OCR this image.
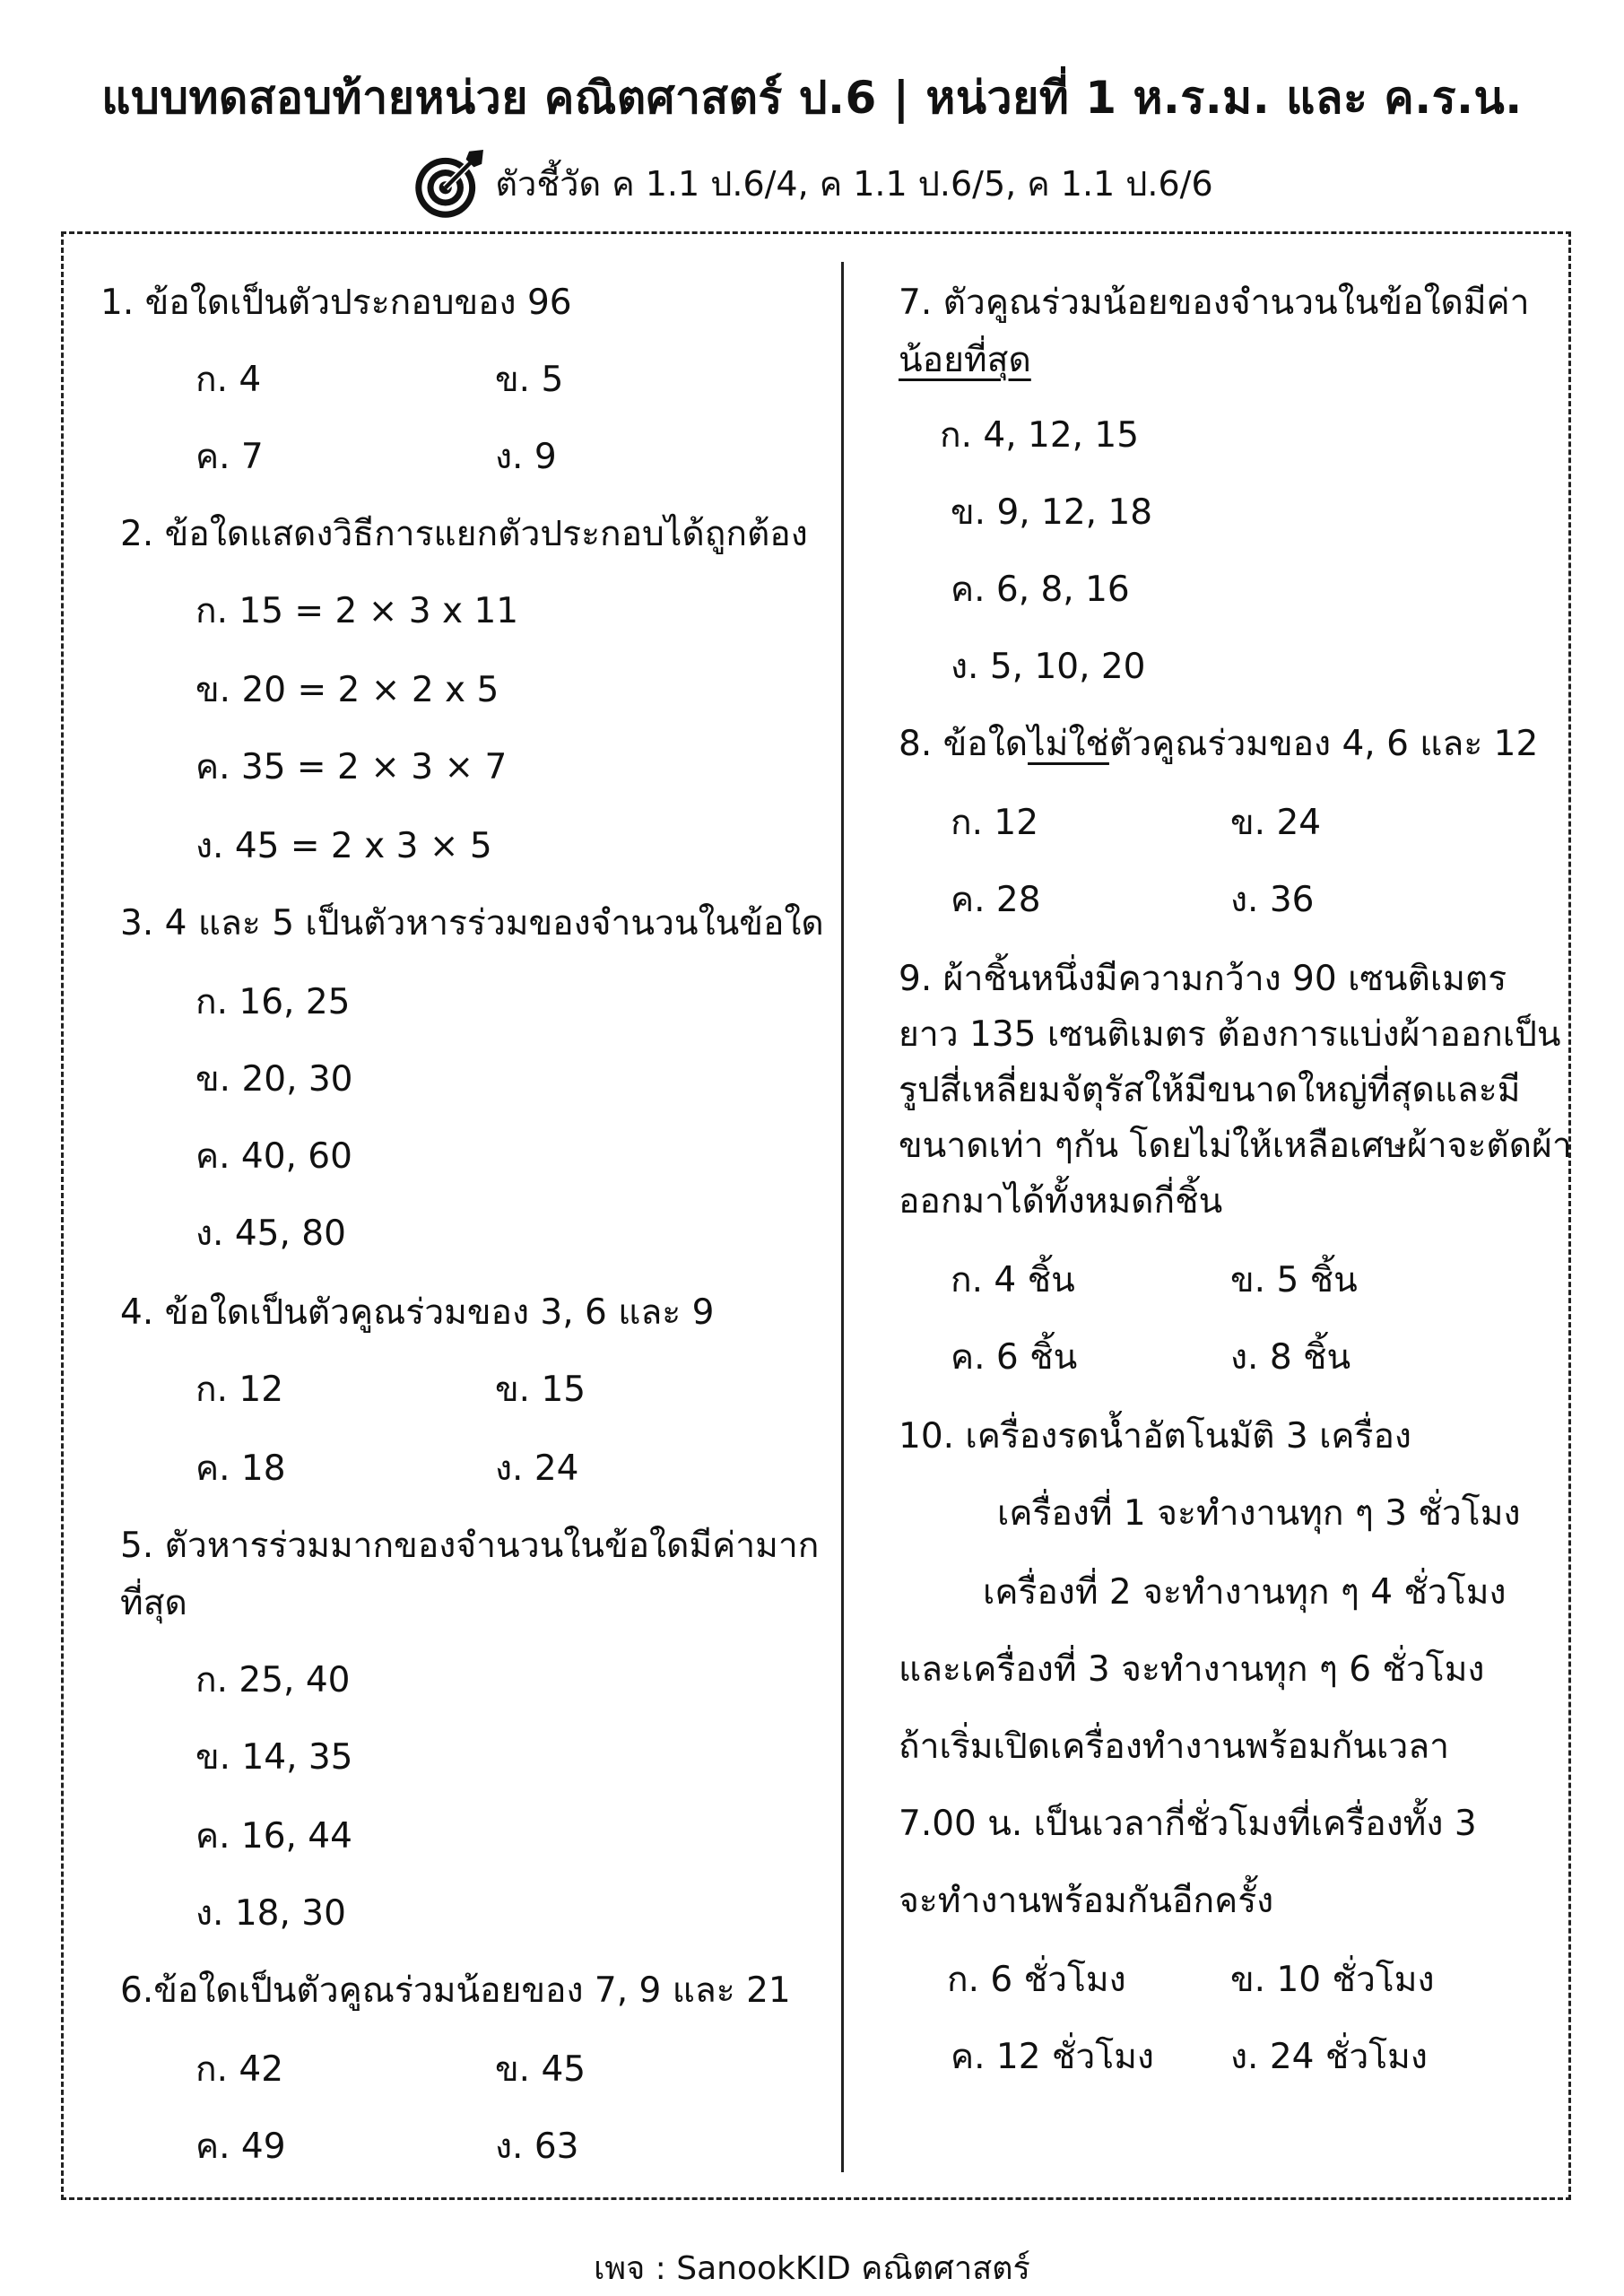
แบบทดสอบท้ายหน่วย คณิตศาสตร์ ป.6 | หน่วยที่ 1 ห.ร.ม. และ ค.ร.น.
ตัวชี้วัด ค 1.1 ป.6/4, ค 1.1 ป.6/5, ค 1.1 ป.6/6
1. ข้อใดเป็นตัวประกอบของ 96
ก. 4	ข. 5
ค. 7	ง. 9
2. ข้อใดแสดงวิธีการแยกตัวประกอบได้ถูกต้อง
ก. 15 = 2 × 3 x 11
ข. 20 = 2 × 2 x 5
ค. 35 = 2 × 3 × 7
ง. 45 = 2 x 3 × 5
3. 4 และ 5 เป็นตัวหารร่วมของจำนวนในข้อใด
ก. 16, 25
ข. 20, 30
ค. 40, 60
ง. 45, 80
4. ข้อใดเป็นตัวคูณร่วมของ 3, 6 และ 9
ก. 12	ข. 15
ค. 18	ง. 24
5. ตัวหารร่วมมากของจำนวนในข้อใดมีค่ามาก
ที่สุด
ก. 25, 40
ข. 14, 35
ค. 16, 44
ง. 18, 30
6.ข้อใดเป็นตัวคูณร่วมน้อยของ 7, 9 และ 21
ก. 42	ข. 45
ค. 49	ง. 63
7. ตัวคูณร่วมน้อยของจำนวนในข้อใดมีค่า
น้อยที่สุด
ก. 4, 12, 15
ข. 9, 12, 18
ค. 6, 8, 16
ง. 5, 10, 20
8. ข้อใดไม่ใช่ตัวคูณร่วมของ 4, 6 และ 12
ก. 12	ข. 24
ค. 28	ง. 36
9. ผ้าชิ้นหนึ่งมีความกว้าง 90 เซนติเมตร
ยาว 135 เซนติเมตร ต้องการแบ่งผ้าออกเป็น
รูปสี่เหลี่ยมจัตุรัสให้มีขนาดใหญ่ที่สุดและมี
ขนาดเท่า ๆกัน โดยไม่ให้เหลือเศษผ้าจะตัดผ้า
ออกมาได้ทั้งหมดกี่ชิ้น
ก. 4 ชิ้น	ข. 5 ชิ้น
ค. 6 ชิ้น	ง. 8 ชิ้น
10. เครื่องรดน้ำอัตโนมัติ 3 เครื่อง
เครื่องที่ 1 จะทำงานทุก ๆ 3 ชั่วโมง
เครื่องที่ 2 จะทำงานทุก ๆ 4 ชั่วโมง
และเครื่องที่ 3 จะทำงานทุก ๆ 6 ชั่วโมง
ถ้าเริ่มเปิดเครื่องทำงานพร้อมกันเวลา
7.00 น. เป็นเวลากี่ชั่วโมงที่เครื่องทั้ง 3
จะทำงานพร้อมกันอีกครั้ง
ก. 6 ชั่วโมง	ข. 10 ชั่วโมง
ค. 12 ชั่วโมง ง. 24 ชั่วโมง
เพจ : SanookKID คณิตศาสตร์
